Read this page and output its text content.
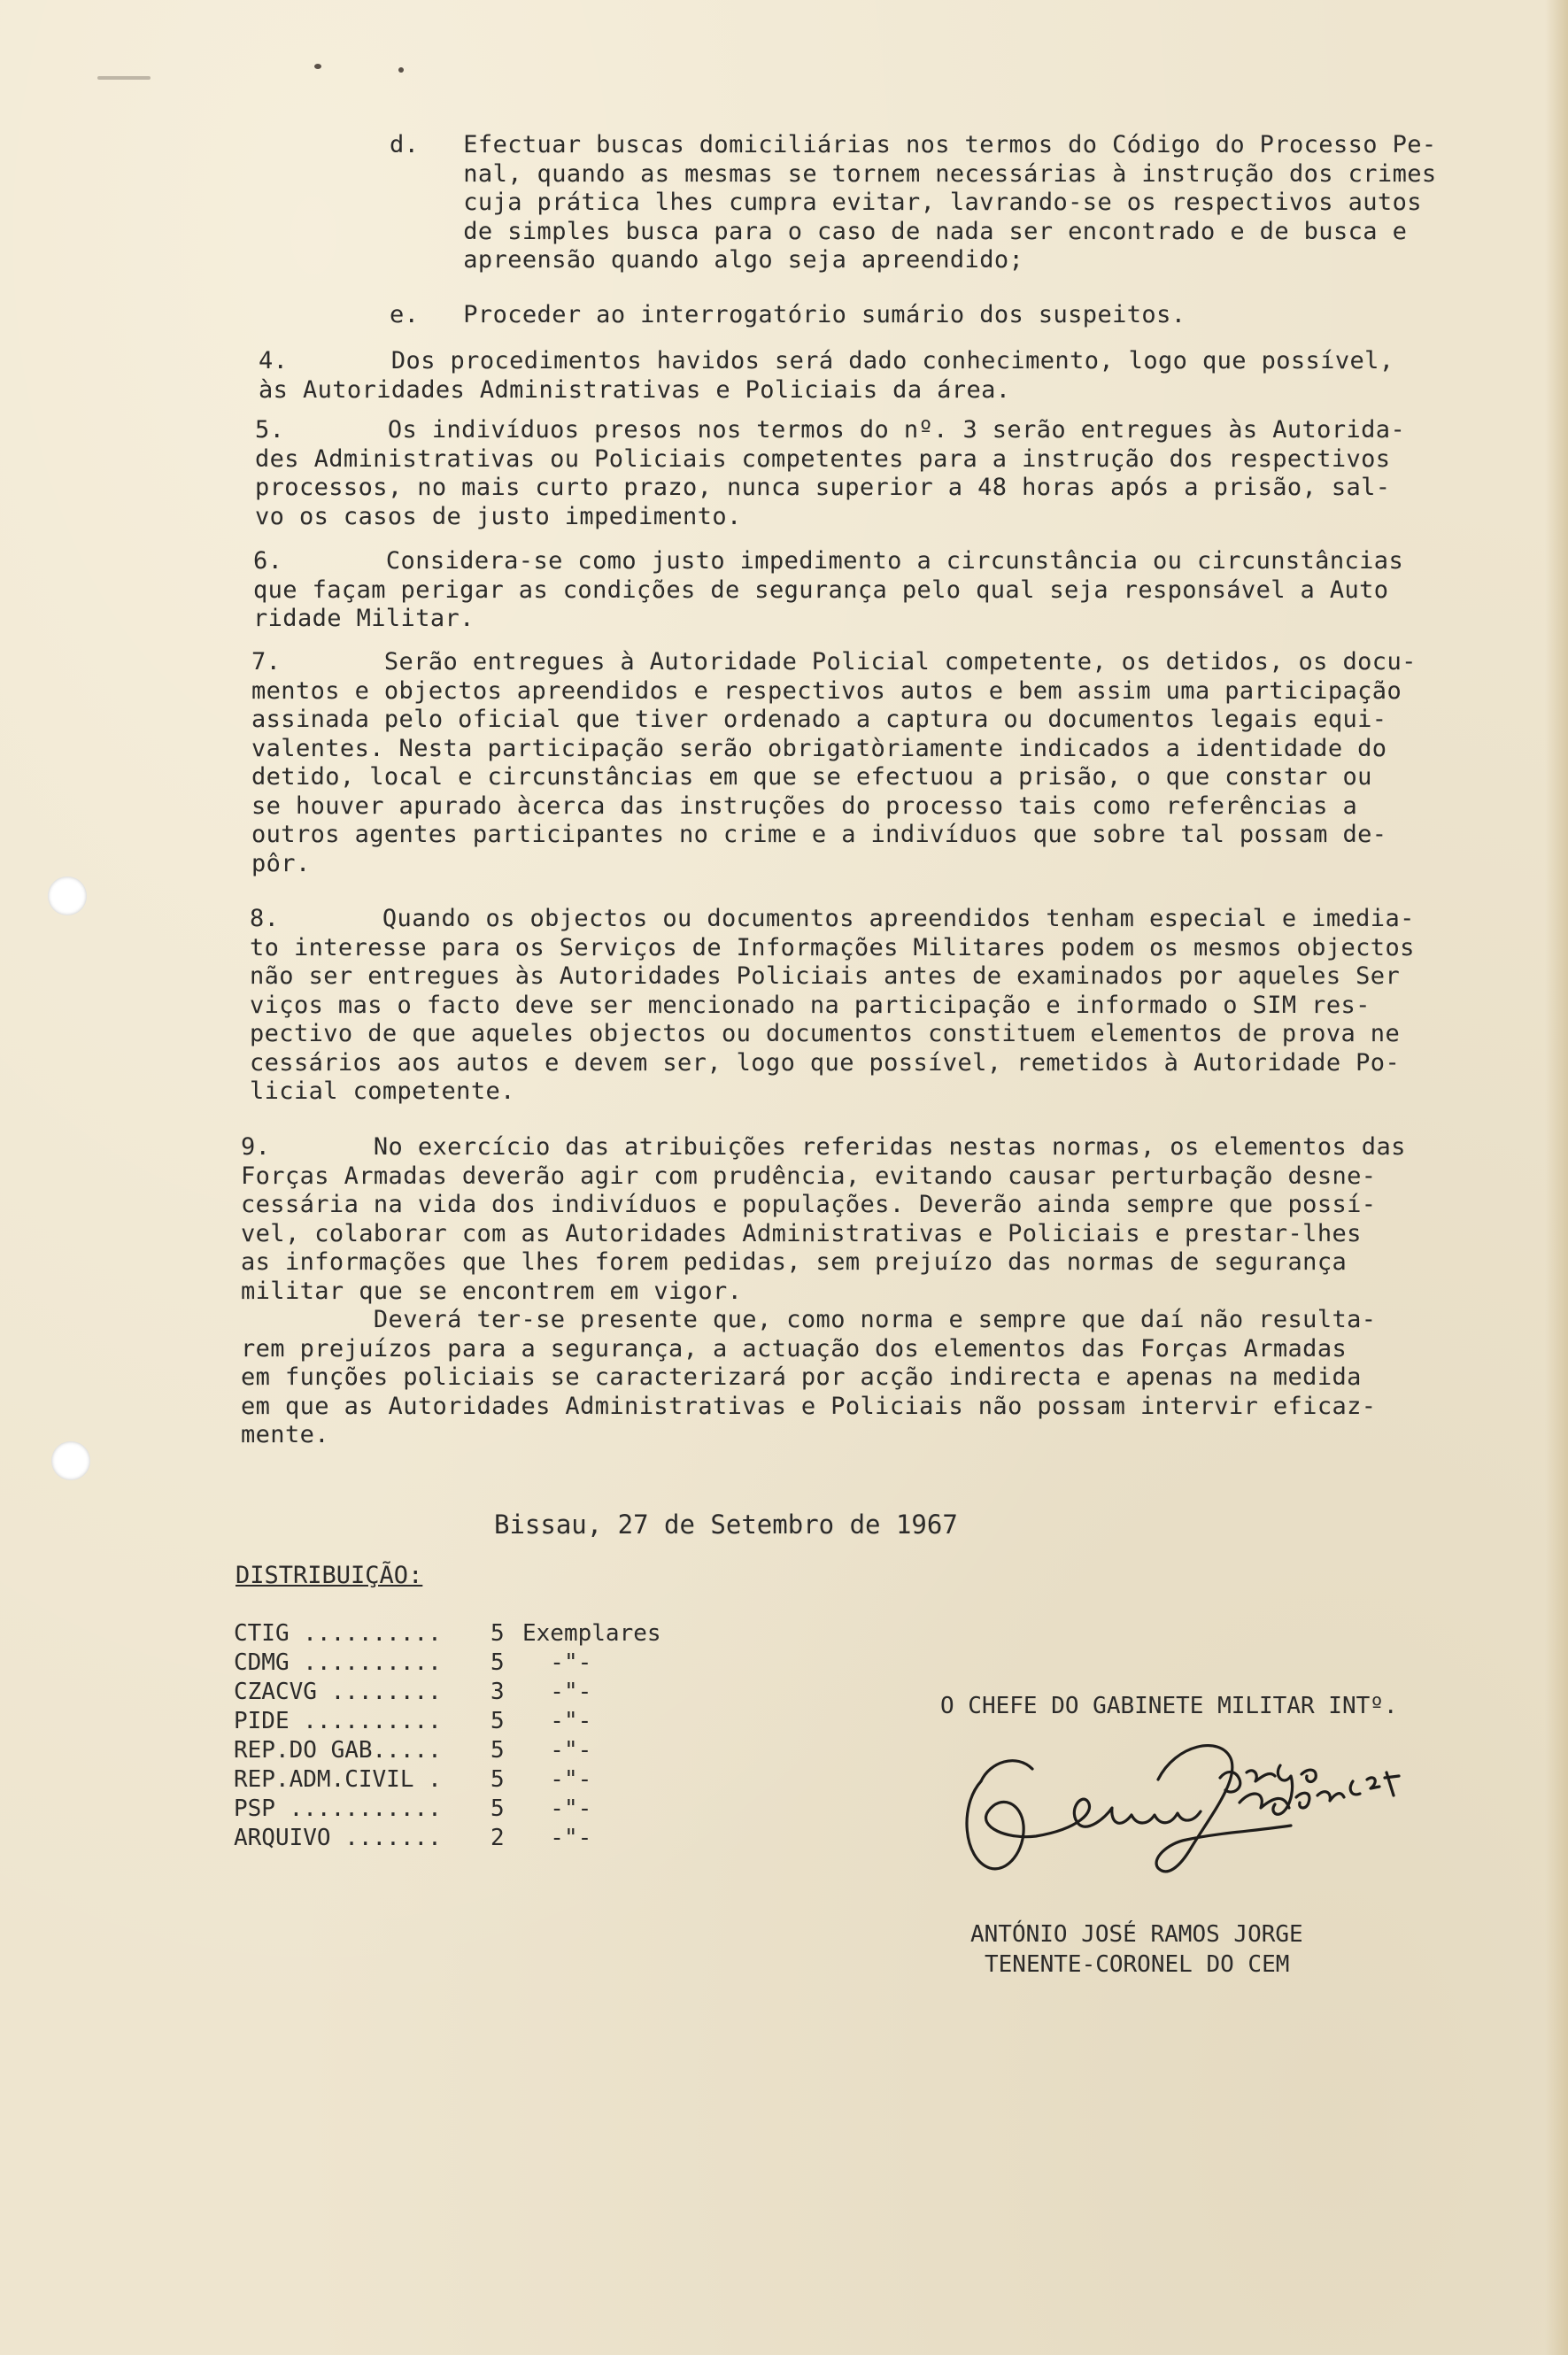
d.   Efectuar buscas domiciliárias nos termos do Código do Processo Pe-
nal, quando as mesmas se tornem necessárias à instrução dos crimes
cuja prática lhes cumpra evitar, lavrando-se os respectivos autos
de simples busca para o caso de nada ser encontrado e de busca e
apreensão quando algo seja apreendido;
e.   Proceder ao interrogatório sumário dos suspeitos.
4.       Dos procedimentos havidos será dado conhecimento, logo que possível,
às Autoridades Administrativas e Policiais da área.
5.       Os indivíduos presos nos termos do nº. 3 serão entregues às Autorida-
des Administrativas ou Policiais competentes para a instrução dos respectivos
processos, no mais curto prazo, nunca superior a 48 horas após a prisão, sal-
vo os casos de justo impedimento.
6.       Considera-se como justo impedimento a circunstância ou circunstâncias
que façam perigar as condições de segurança pelo qual seja responsável a Auto
ridade Militar.
7.       Serão entregues à Autoridade Policial competente, os detidos, os docu-
mentos e objectos apreendidos e respectivos autos e bem assim uma participação
assinada pelo oficial que tiver ordenado a captura ou documentos legais equi-
valentes. Nesta participação serão obrigatòriamente indicados a identidade do
detido, local e circunstâncias em que se efectuou a prisão, o que constar ou
se houver apurado àcerca das instruções do processo tais como referências a
outros agentes participantes no crime e a indivíduos que sobre tal possam de-
pôr.
8.       Quando os objectos ou documentos apreendidos tenham especial e imedia-
to interesse para os Serviços de Informações Militares podem os mesmos objectos
não ser entregues às Autoridades Policiais antes de examinados por aqueles Ser
viços mas o facto deve ser mencionado na participação e informado o SIM res-
pectivo de que aqueles objectos ou documentos constituem elementos de prova ne
cessários aos autos e devem ser, logo que possível, remetidos à Autoridade Po-
licial competente.
9.       No exercício das atribuições referidas nestas normas, os elementos das
Forças Armadas deverão agir com prudência, evitando causar perturbação desne-
cessária na vida dos indivíduos e populações. Deverão ainda sempre que possí-
vel, colaborar com as Autoridades Administrativas e Policiais e prestar-lhes
as informações que lhes forem pedidas, sem prejuízo das normas de segurança
militar que se encontrem em vigor.
Deverá ter-se presente que, como norma e sempre que daí não resulta-
rem prejuízos para a segurança, a actuação dos elementos das Forças Armadas
em funções policiais se caracterizará por acção indirecta e apenas na medida
em que as Autoridades Administrativas e Policiais não possam intervir eficaz-
mente.
Bissau, 27 de Setembro de 1967
DISTRIBUIÇÃO:
CTIG ..........	5 Exemplares
CDMG ..........	5 -"-
CZACVG ........	3 -"-
PIDE ..........	5 -"-
REP.DO GAB.....	5 -"-
REP.ADM.CIVIL .	5 -"-
PSP ...........	5 -"-
ARQUIVO .......	2 -"-
O CHEFE DO GABINETE MILITAR INTº.
ANTÓNIO JOSÉ RAMOS JORGE
TENENTE-CORONEL DO CEM
